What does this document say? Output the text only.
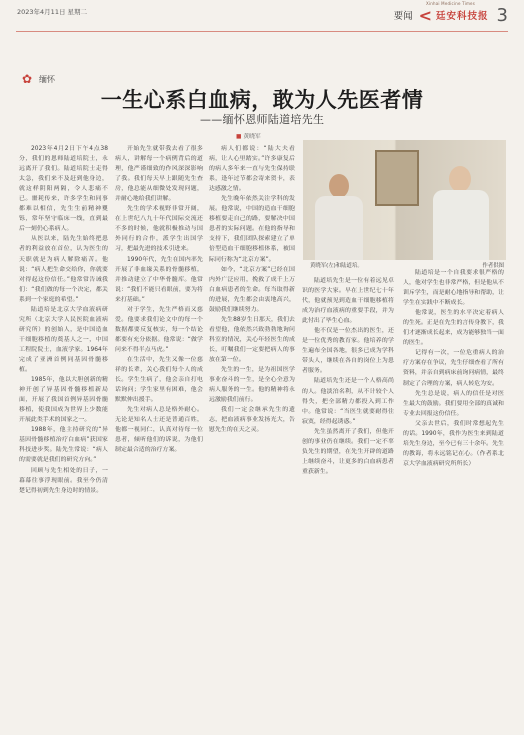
2023年4月11日 星期二	要闻 <
Xinhai Medicine Times
廷安科技报 3
✿ 缅怀
一生心系白血病，敢为人先医者情
——缅怀恩师陆道培先生
■ 黄晓军

2023年4月2日下午4点38分，我们的恩师陆道培院士，永远离开了我们。陆道培院士走得太急，我们来不及赶到他身边，就这样阴阳两隔，令人悲痛不已。噩耗传来，许多学生和同事都难以相信，先生生前精神矍铄，常年坚守临床一线，直到最后一刻仍心系病人。

从医以来，陆先生始终把患者的利益放在首位，认为医生的天职就是为病人解除痛苦。他说：“病人把生命交给你，你就要对得起这份信任。”他常常告诫我们：“我们做的每一个决定，都关系到一个家庭的希望。”

陆道培是北京大学血液病研究所（北京大学人民医院血液病研究所）的创始人，是中国造血干细胞移植的奠基人之一，中国工程院院士，血液学家。1964年完成了亚洲首例同基因骨髓移植。

1985年，他以大胆创新的精神开创了异基因骨髓移植新局面，开展了我国首例异基因骨髓移植，使我国成为世界上少数能开展此类手术的国家之一。

1988年，他主持研究的“异基因骨髓移植治疗白血病”获国家科技进步奖。陆先生常说：“病人的需要就是我们的研究方向。”

回顾与先生相处的日子，一幕幕往事浮现眼前。我至今仍清楚记得初到先生身边时的情景。

开始先生就带我去看了很多病人，讲解每一个病例背后的道理，他严谨细致的作风深深影响了我。我们每天早上跟随先生查房，他总能从细微处发现问题，并耐心地给我们讲解。

先生的学术视野非常开阔，在上世纪八九十年代国际交流还不多的时候，他就积极推动与国外同行的合作，派学生出国学习，把最先进的技术引进来。

1990年代，先生在国内率先开展了非血缘关系的骨髓移植，并推动建立了中华骨髓库。他常说：“我们不能只看眼前，要为将来打基础。”

对于学生，先生严格而又慈爱。他要求我们论文中的每一个数据都要反复核实，每一个结论都要有充分依据。他常说：“做学问来不得半点马虎。”

在生活中，先生又像一位慈祥的长辈，关心我们每个人的成长。学生生病了，他会亲自打电话询问；学生家里有困难，他会默默伸出援手。

先生对病人总是格外耐心。无论是知名人士还是普通百姓，他都一视同仁，认真对待每一位患者，倾听他们的诉说，为他们制定最合适的治疗方案。

病人们都说：“陆大夫看病，让人心里踏实。”许多康复后的病人多年来一直与先生保持联系，逢年过节都会寄来贺卡，表达感激之情。

先生晚年依然关注学科的发展。他常说，中国的造血干细胞移植要走自己的路，要解决中国患者的实际问题。在他的指导和支持下，我们团队探索建立了单倍型造血干细胞移植体系，被国际同行称为“北京方案”。

如今，“北京方案”已经在国内外广泛应用，挽救了成千上万白血病患者的生命。每当取得新的进展，先生都会由衷地高兴，鼓励我们继续努力。

先生88岁生日那天，我们去看望他，他依然兴致勃勃地询问科室的情况，关心年轻医生的成长，叮嘱我们一定要把病人的事放在第一位。

先生的一生，是为祖国医学事业奋斗的一生，是全心全意为病人服务的一生。他的精神将永远激励我们前行。

我们一定会继承先生的遗志，把血液病事业发扬光大，告慰先生的在天之灵。

黄晓军(左)和陆道培。	作者供图

陆道培先生是一位有着远见卓识的医学大家。早在上世纪七十年代，他就预见到造血干细胞移植将成为治疗血液病的重要手段，并为此付出了毕生心血。

他不仅是一位杰出的医生，还是一位优秀的教育家。他培养的学生遍布全国各地，很多已成为学科带头人，继续在各自的岗位上为患者服务。

陆道培先生还是一个人格高尚的人。他淡泊名利，从不计较个人得失，把全部精力都投入到工作中。他常说：“当医生就要耐得住寂寞，经得起诱惑。”

先生虽然离开了我们，但他开创的事业仍在继续。我们一定不辜负先生的期望，在先生开辟的道路上继续奋斗，让更多的白血病患者重获新生。

陆道培是一个自我要求很严格的人，他对学生也非常严格，但是他从不训斥学生，而是耐心地指导和帮助，让学生在实践中不断成长。

他常说，医生的水平决定着病人的生死。正是在先生的言传身教下，我们才逐渐成长起来，成为能够独当一面的医生。

记得有一次，一位危重病人的治疗方案存在争议，先生仔细查看了所有资料，并亲自到病床前询问病情，最终制定了合理的方案，病人转危为安。

先生总是说，病人的信任是对医生最大的鼓励。我们要用全部的真诚和专业去回报这份信任。

父亲去世后，我们时常想起先生的话。1990年，我作为医生来到陆道培先生身边，至今已有三十余年。先生的教诲，将永远铭记在心。（作者系北京大学血液病研究所所长）
